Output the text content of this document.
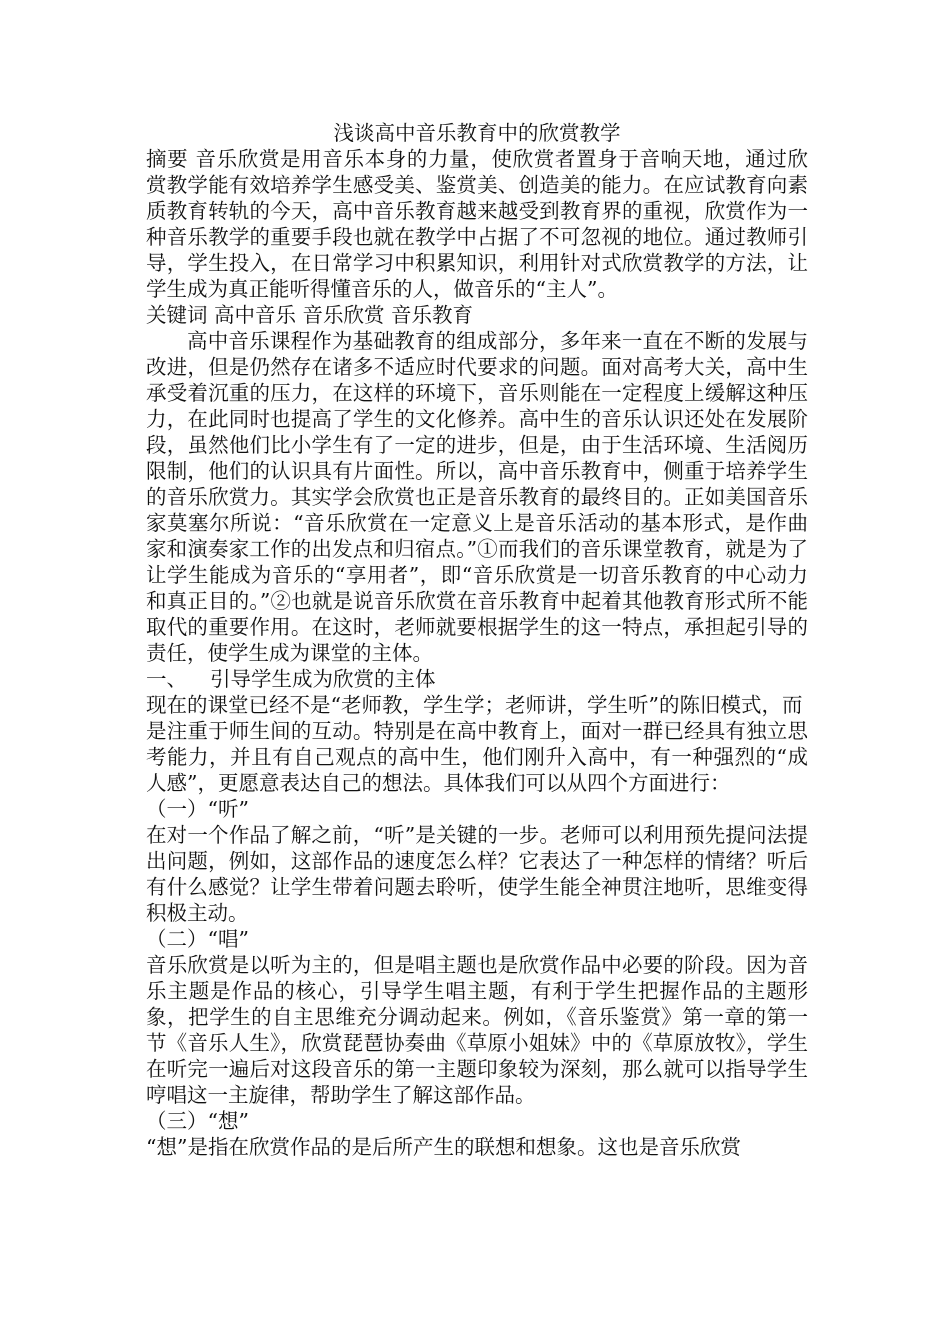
浅谈高中音乐教育中的欣赏教学

摘要 音乐欣赏是用音乐本身的力量，使欣赏者置身于音响天地，通过欣赏教学能有效培养学生感受美、鉴赏美、创造美的能力。在应试教育向素质教育转轨的今天，高中音乐教育越来越受到教育界的重视，欣赏作为一种音乐教学的重要手段也就在教学中占据了不可忽视的地位。通过教师引导，学生投入，在日常学习中积累知识，利用针对式欣赏教学的方法，让学生成为真正能听得懂音乐的人，做音乐的“主人”。

关键词 高中音乐 音乐欣赏 音乐教育

高中音乐课程作为基础教育的组成部分，多年来一直在不断的发展与改进，但是仍然存在诸多不适应时代要求的问题。面对高考大关，高中生承受着沉重的压力，在这样的环境下，音乐则能在一定程度上缓解这种压力，在此同时也提高了学生的文化修养。高中生的音乐认识还处在发展阶段，虽然他们比小学生有了一定的进步，但是，由于生活环境、生活阅历限制，他们的认识具有片面性。所以，高中音乐教育中，侧重于培养学生的音乐欣赏力。其实学会欣赏也正是音乐教育的最终目的。正如美国音乐家莫塞尔所说：“音乐欣赏在一定意义上是音乐活动的基本形式，是作曲家和演奏家工作的出发点和归宿点。”①而我们的音乐课堂教育，就是为了让学生能成为音乐的“享用者”，即“音乐欣赏是一切音乐教育的中心动力和真正目的。”②也就是说音乐欣赏在音乐教育中起着其他教育形式所不能取代的重要作用。在这时，老师就要根据学生的这一特点，承担起引导的责任，使学生成为课堂的主体。

一、 引导学生成为欣赏的主体

现在的课堂已经不是“老师教，学生学；老师讲，学生听”的陈旧模式，而

是注重于师生间的互动。特别是在高中教育上，面对一群已经具有独立思考能力，并且有自己观点的高中生，他们刚升入高中，有一种强烈的“成人感”，更愿意表达自己的想法。具体我们可以从四个方面进行：

（一）“听”

在对一个作品了解之前，“听”是关键的一步。老师可以利用预先提问法提出问题，例如，这部作品的速度怎么样？它表达了一种怎样的情绪？听后有什么感觉？让学生带着问题去聆听，使学生能全神贯注地听，思维变得积极主动。

（二）“唱”

音乐欣赏是以听为主的，但是唱主题也是欣赏作品中必要的阶段。因为音乐主题是作品的核心，引导学生唱主题，有利于学生把握作品的主题形象，把学生的自主思维充分调动起来。例如，《音乐鉴赏》第一章的第一节《音乐人生》，欣赏琵琶协奏曲《草原小姐妹》中的《草原放牧》，学生在听完一遍后对这段音乐的第一主题印象较为深刻，那么就可以指导学生哼唱这一主旋律，帮助学生了解这部作品。

（三）“想”

“想”是指在欣赏作品的是后所产生的联想和想象。这也是音乐欣赏
